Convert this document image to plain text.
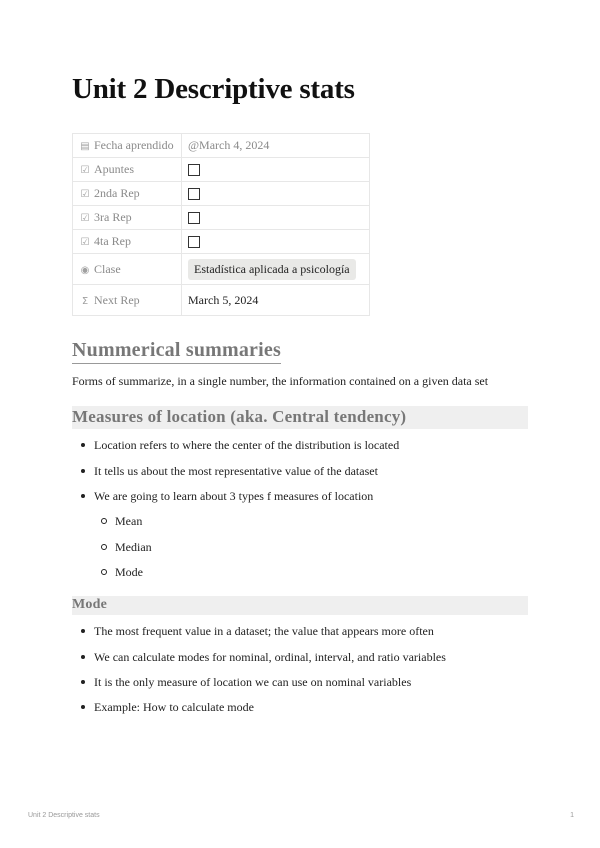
Unit 2 Descriptive stats
▤ Fecha aprendido	@March 4, 2024
☑ Apuntes	
☑ 2nda Rep	
☑ 3ra Rep	
☑ 4ta Rep	
◉ Clase	Estadística aplicada a psicología
Σ Next Rep	March 5, 2024
Nummerical summaries

Forms of summarize, in a single number, the information contained on a given data set

Measures of location (aka. Central tendency)
Location refers to where the center of the distribution is located
It tells us about the most representative value of the dataset
We are going to learn about 3 types f measures of location
Mean
Median
Mode
Mode
The most frequent value in a dataset; the value that appears more often
We can calculate modes for nominal, ordinal, interval, and ratio variables
It is the only measure of location we can use on nominal variables
Example: How to calculate mode
Unit 2 Descriptive stats	1
